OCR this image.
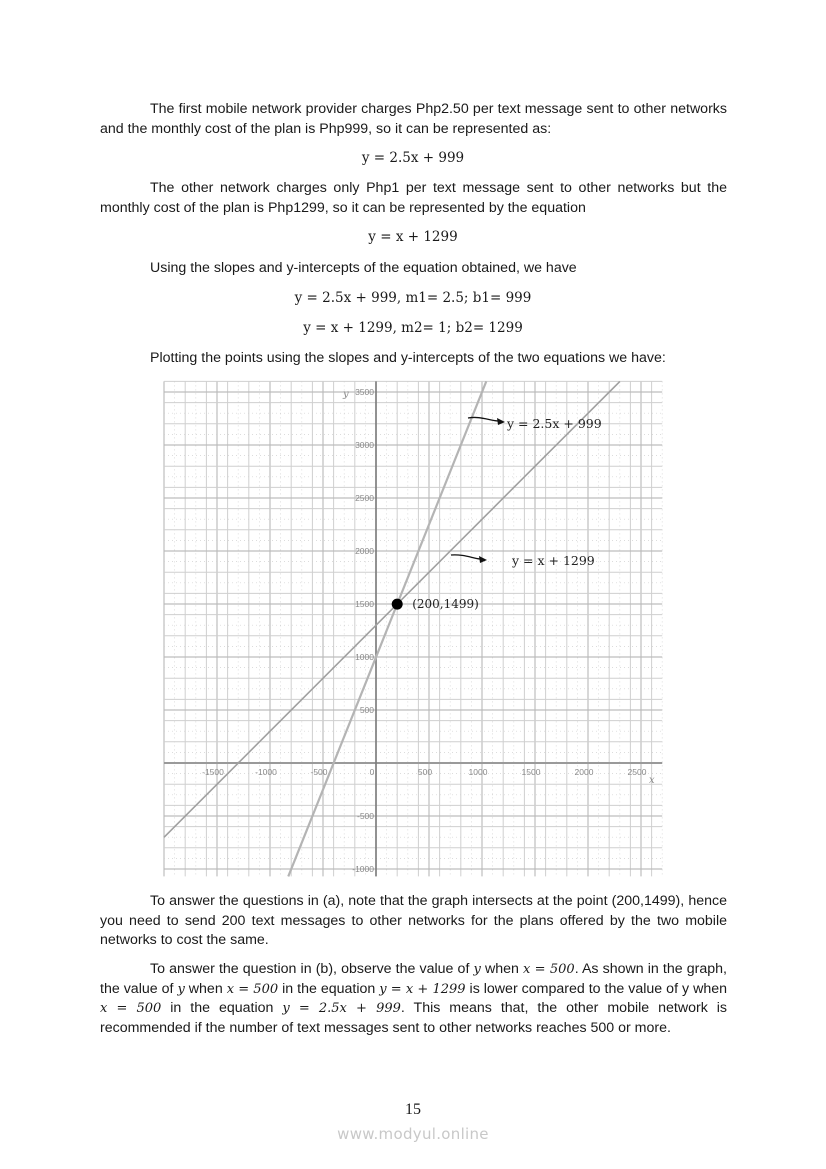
The first mobile network provider charges Php2.50 per text message sent to other networks and the monthly cost of the plan is Php999, so it can be represented as:

y = 2.5x + 999

The other network charges only Php1 per text message sent to other networks but the monthly cost of the plan is Php1299, so it can be represented by the equation

y = x + 1299

Using the slopes and y-intercepts of the equation obtained, we have

y = 2.5x + 999, m1= 2.5; b1= 999
y = x + 1299, m2= 1; b2= 1299

Plotting the points using the slopes and y-intercepts of the two equations we have:

-1500	-1000	-500	0	500	1000	1500	2000	2500
-1000
-500
500
1000
1500
2000
2500
3000
3500
x
y
(200,1499)
y = 2.5x + 999
y = x + 1299

To answer the questions in (a), note that the graph intersects at the point (200,1499), hence you need to send 200 text messages to other networks for the plans offered by the two mobile networks to cost the same.

To answer the question in (b), observe the value of y when x = 500. As shown in the graph, the value of y when x = 500 in the equation y = x + 1299 is lower compared to the value of y when x = 500 in the equation y = 2.5x + 999. This means that, the other mobile network is recommended if the number of text messages sent to other networks reaches 500 or more.

15
www.modyul.online
